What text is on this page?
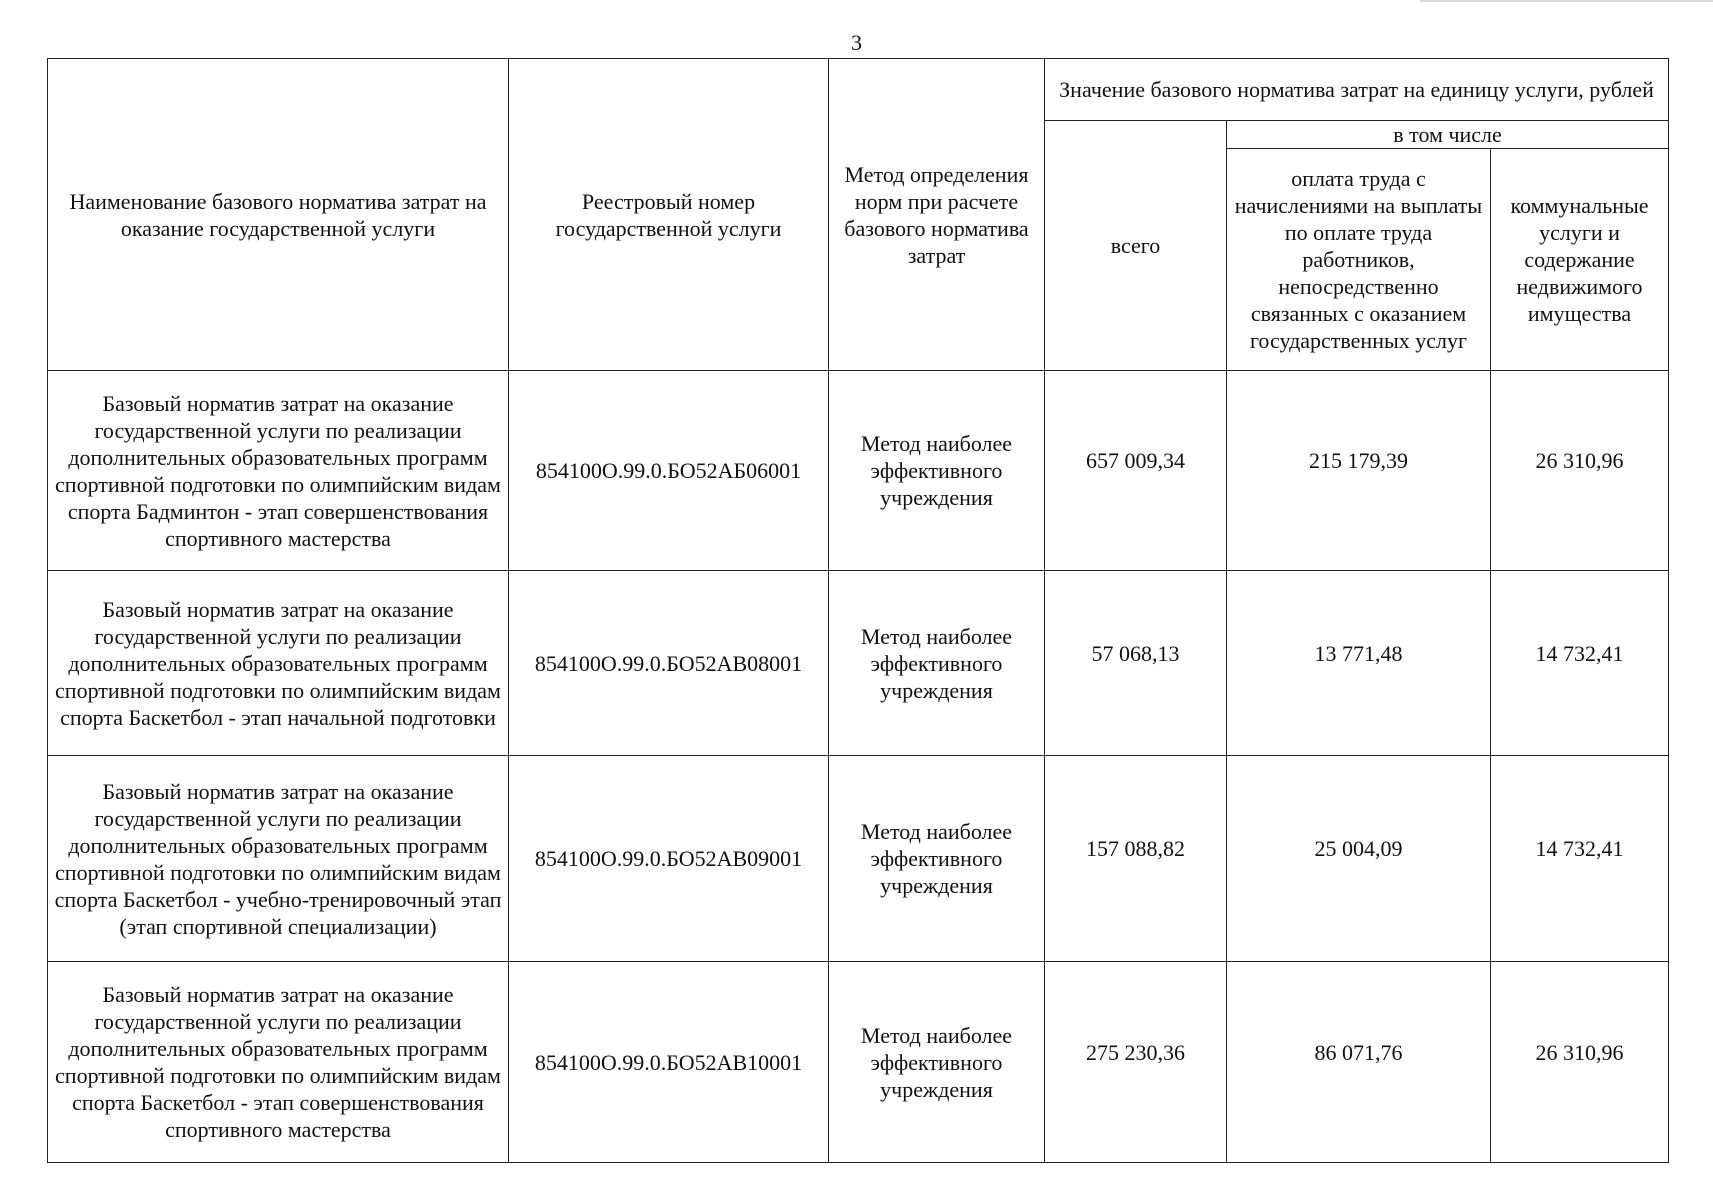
3
Наименование базового норматива затрат на оказание государственной услуги	Реестровый номер государственной услуги	Метод определения норм при расчете базового норматива затрат	Значение базового норматива затрат на единицу услуги, рублей		

			всего	в том числе	

				оплата труда с начислениями на выплаты по оплате труда работников, непосредственно связанных с оказанием государственных услуг	коммунальные услуги и содержание недвижимого имущества

Базовый норматив затрат на оказание государственной услуги по реализации дополнительных образовательных программ спортивной подготовки по олимпийским видам спорта Бадминтон - этап совершенствования спортивного мастерства	854100О.99.0.БО52АБ06001	Метод наиболее эффективного учреждения	657 009,34	215 179,39	26 310,96

Базовый норматив затрат на оказание государственной услуги по реализации дополнительных образовательных программ спортивной подготовки по олимпийским видам спорта Баскетбол - этап начальной подготовки	854100О.99.0.БО52АВ08001	Метод наиболее эффективного учреждения	57 068,13	13 771,48	14 732,41

Базовый норматив затрат на оказание государственной услуги по реализации дополнительных образовательных программ спортивной подготовки по олимпийским видам спорта Баскетбол - учебно-тренировочный этап (этап спортивной специализации)	854100О.99.0.БО52АВ09001	Метод наиболее эффективного учреждения	157 088,82	25 004,09	14 732,41

Базовый норматив затрат на оказание государственной услуги по реализации дополнительных образовательных программ спортивной подготовки по олимпийским видам спорта Баскетбол - этап совершенствования спортивного мастерства	854100О.99.0.БО52АВ10001	Метод наиболее эффективного учреждения	275 230,36	86 071,76	26 310,96
